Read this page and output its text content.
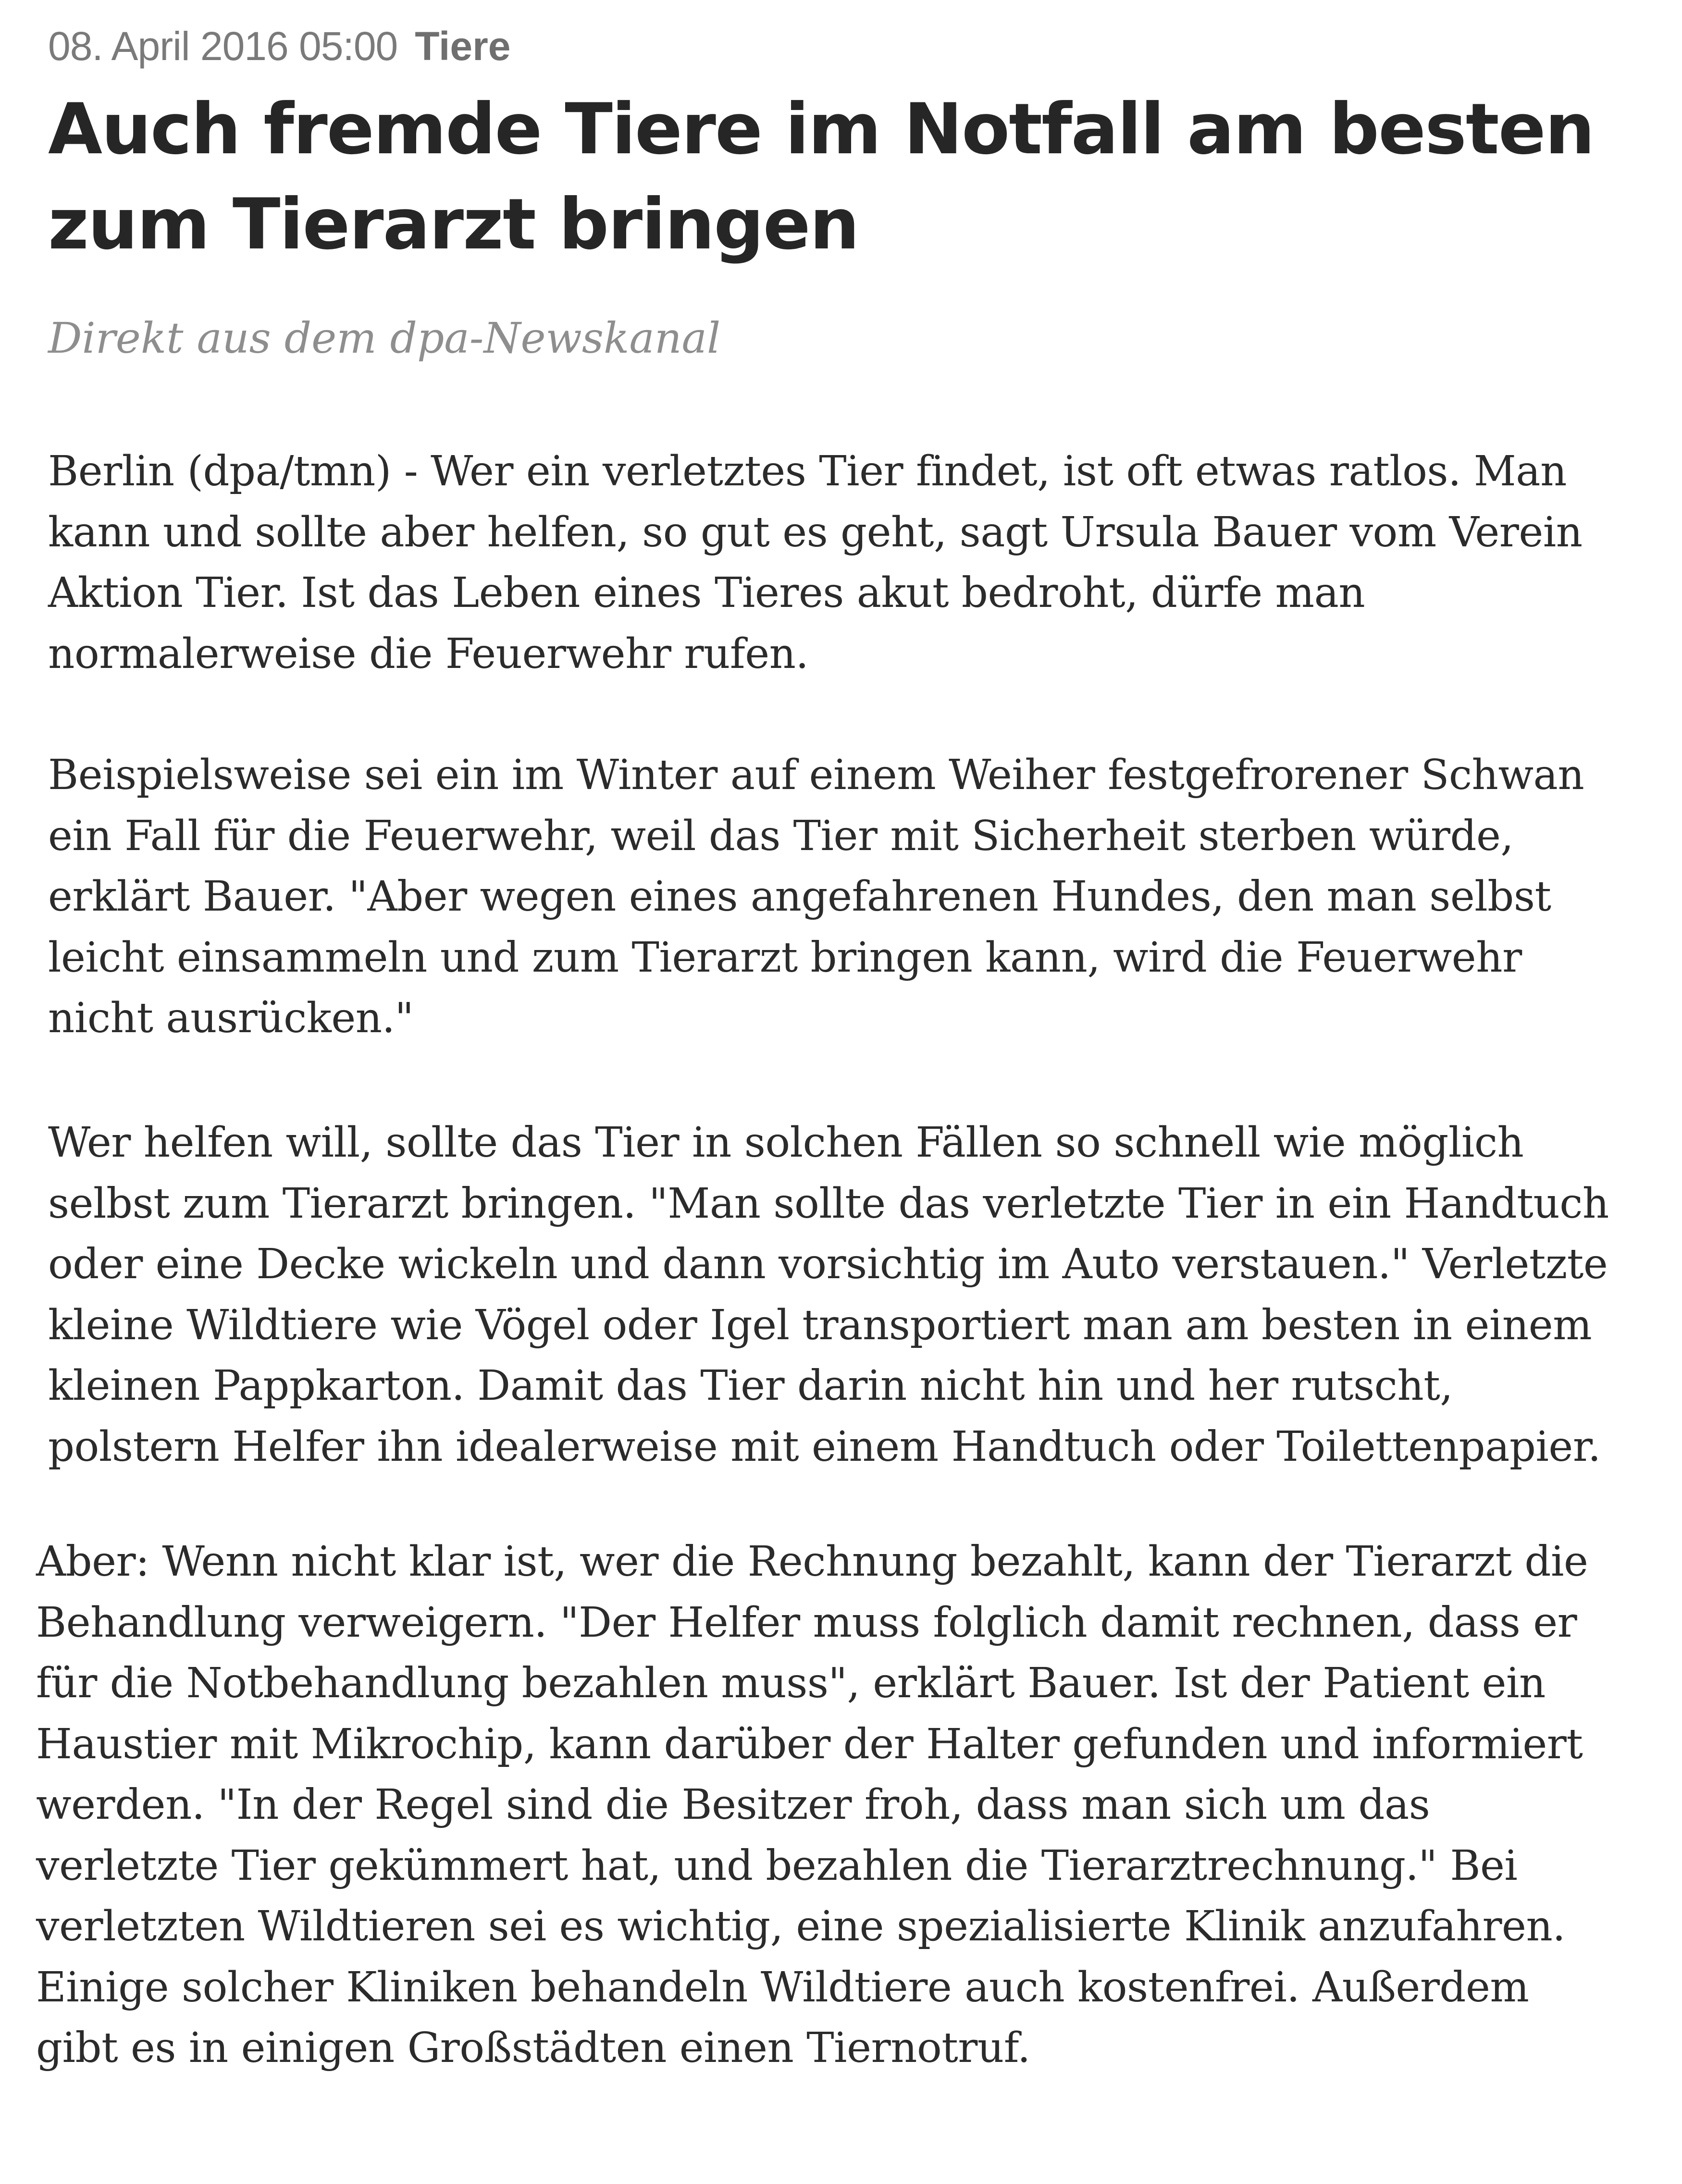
08. April 2016 05:00 Tiere
Auch fremde Tiere im Notfall am besten zum Tierarzt bringen

Direkt aus dem dpa-Newskanal

Berlin (dpa/tmn) - Wer ein verletztes Tier findet, ist oft etwas ratlos. Man kann und sollte aber helfen, so gut es geht, sagt Ursula Bauer vom Verein Aktion Tier. Ist das Leben eines Tieres akut bedroht, dürfe man normalerweise die Feuerwehr rufen.

Beispielsweise sei ein im Winter auf einem Weiher festgefrorener Schwan ein Fall für die Feuerwehr, weil das Tier mit Sicherheit sterben würde, erklärt Bauer. "Aber wegen eines angefahrenen Hundes, den man selbst leicht einsammeln und zum Tierarzt bringen kann, wird die Feuerwehr nicht ausrücken."

Wer helfen will, sollte das Tier in solchen Fällen so schnell wie möglich selbst zum Tierarzt bringen. "Man sollte das verletzte Tier in ein Handtuch oder eine Decke wickeln und dann vorsichtig im Auto verstauen." Verletzte kleine Wildtiere wie Vögel oder Igel transportiert man am besten in einem kleinen Pappkarton. Damit das Tier darin nicht hin und her rutscht, polstern Helfer ihn idealerweise mit einem Handtuch oder Toilettenpapier.

Aber: Wenn nicht klar ist, wer die Rechnung bezahlt, kann der Tierarzt die Behandlung verweigern. "Der Helfer muss folglich damit rechnen, dass er für die Notbehandlung bezahlen muss", erklärt Bauer. Ist der Patient ein Haustier mit Mikrochip, kann darüber der Halter gefunden und informiert werden. "In der Regel sind die Besitzer froh, dass man sich um das verletzte Tier gekümmert hat, und bezahlen die Tierarztrechnung." Bei verletzten Wildtieren sei es wichtig, eine spezialisierte Klinik anzufahren. Einige solcher Kliniken behandeln Wildtiere auch kostenfrei. Außerdem gibt es in einigen Großstädten einen Tiernotruf.
